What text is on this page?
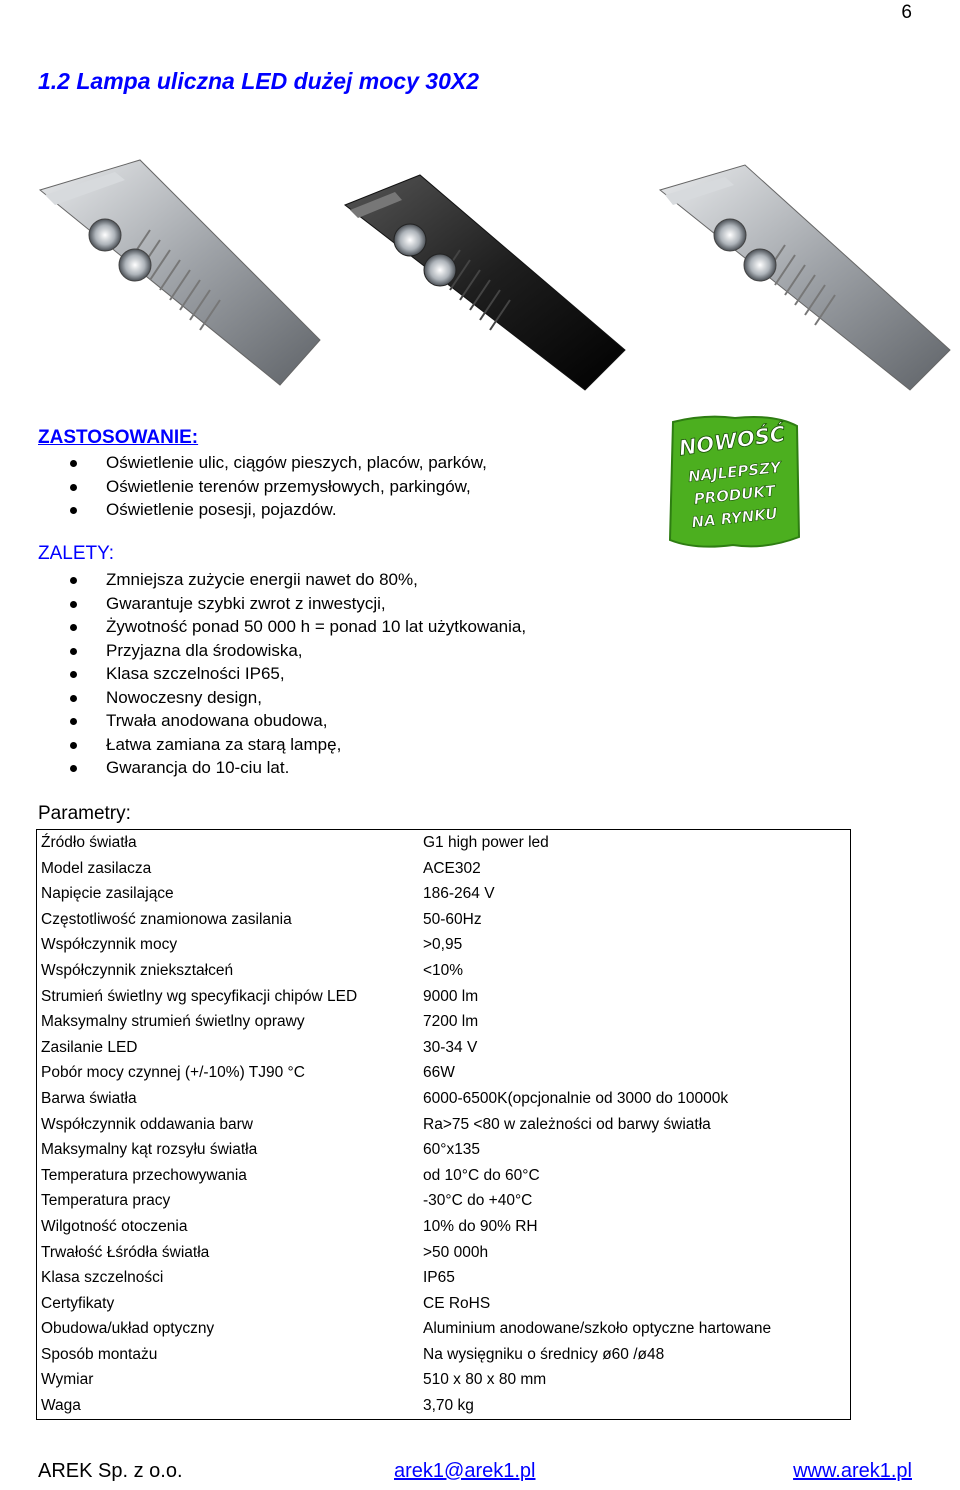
6
1.2 Lampa uliczna LED dużej mocy 30X2
ZASTOSOWANIE:
Oświetlenie ulic, ciągów pieszych, placów, parków,
Oświetlenie terenów przemysłowych, parkingów,
Oświetlenie posesji, pojazdów.
NOWOŚĆ
NAJLEPSZY
PRODUKT
NA RYNKU
ZALETY:
Zmniejsza zużycie energii nawet do 80%,
Gwarantuje szybki zwrot z inwestycji,
Żywotność ponad 50 000 h = ponad 10 lat użytkowania,
Przyjazna dla środowiska,
Klasa szczelności IP65,
Nowoczesny design,
Trwała anodowana obudowa,
Łatwa zamiana za starą lampę,
Gwarancja do 10-ciu lat.
Parametry:
Źródło światła	G1 high power led
Model zasilacza	ACE302
Napięcie zasilające	186-264 V
Częstotliwość znamionowa zasilania	50-60Hz
Współczynnik mocy	>0,95
Współczynnik zniekształceń	<10%
Strumień świetlny wg specyfikacji chipów LED	9000 lm
Maksymalny strumień świetlny oprawy	7200 lm
Zasilanie LED	30-34 V
Pobór mocy czynnej (+/-10%) TJ90 °C	66W
Barwa światła	6000-6500K(opcjonalnie od 3000 do 10000k
Współczynnik oddawania barw	Ra>75 <80 w zależności od barwy światła
Maksymalny kąt rozsyłu światła	60°x135
Temperatura przechowywania	od 10°C do 60°C
Temperatura pracy	-30°C do +40°C
Wilgotność otoczenia	10% do 90% RH
Trwałość Łśródła światła	>50 000h
Klasa szczelności	IP65
Certyfikaty	CE RoHS
Obudowa/układ optyczny	Aluminium anodowane/szkoło optyczne hartowane
Sposób montażu	Na wysięgniku o średnicy ø60 /ø48
Wymiar	510 x 80 x 80 mm
Waga	3,70 kg
AREK Sp. z o.o.	arek1@arek1.pl	www.arek1.pl
